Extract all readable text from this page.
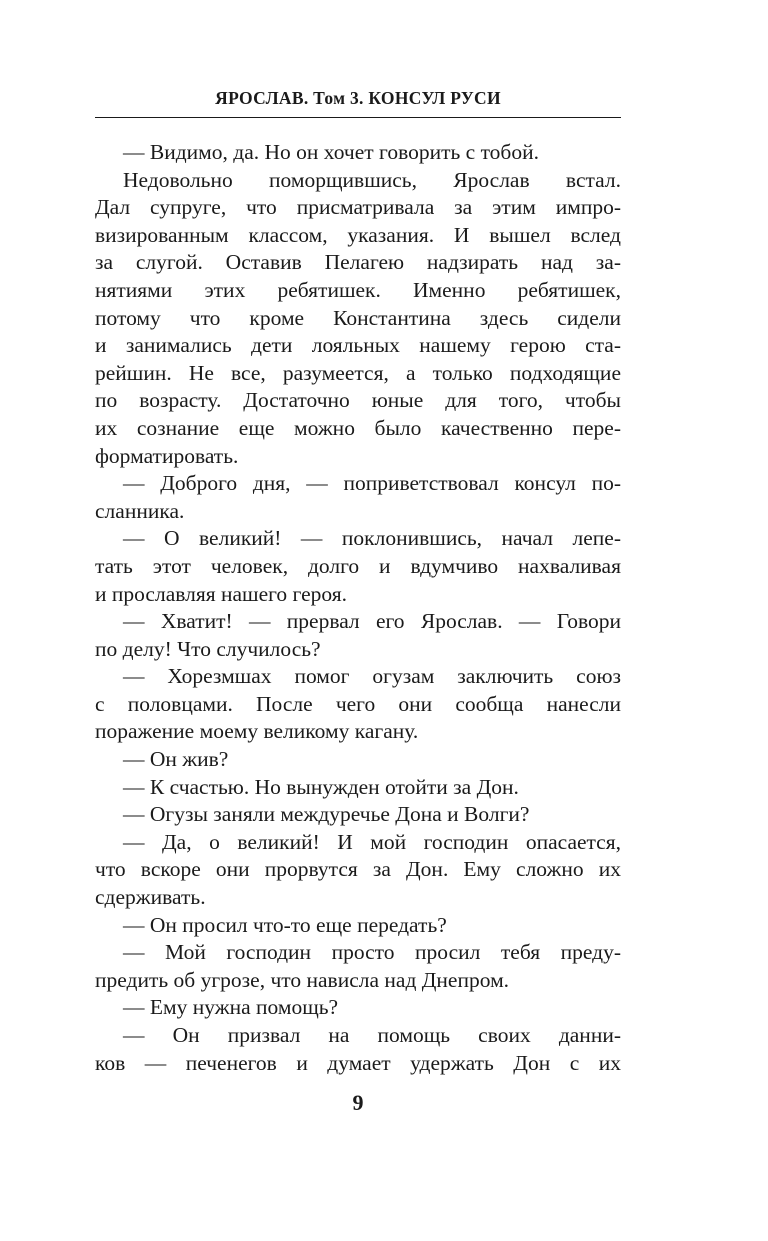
ЯРОСЛАВ. Том 3. КОНСУЛ РУСИ
— Видимо, да. Но он хочет говорить с тобой.
Недовольно поморщившись, Ярослав встал.
Дал супруге, что присматривала за этим импро-
визированным классом, указания. И вышел вслед
за слугой. Оставив Пелагею надзирать над за-
нятиями этих ребятишек. Именно ребятишек,
потому что кроме Константина здесь сидели
и занимались дети лояльных нашему герою ста-
рейшин. Не все, разумеется, а только подходящие
по возрасту. Достаточно юные для того, чтобы
их сознание еще можно было качественно пере-
форматировать.
— Доброго дня, — поприветствовал консул по-
сланника.
— О великий! — поклонившись, начал лепе-
тать этот человек, долго и вдумчиво нахваливая
и прославляя нашего героя.
— Хватит! — прервал его Ярослав. — Говори
по делу! Что случилось?
— Хорезмшах помог огузам заключить союз
с половцами. После чего они сообща нанесли
поражение моему великому кагану.
— Он жив?
— К счастью. Но вынужден отойти за Дон.
— Огузы заняли междуречье Дона и Волги?
— Да, о великий! И мой господин опасается,
что вскоре они прорвутся за Дон. Ему сложно их
сдерживать.
— Он просил что-то еще передать?
— Мой господин просто просил тебя преду-
предить об угрозе, что нависла над Днепром.
— Ему нужна помощь?
— Он призвал на помощь своих данни-
ков — печенегов и думает удержать Дон с их
9
